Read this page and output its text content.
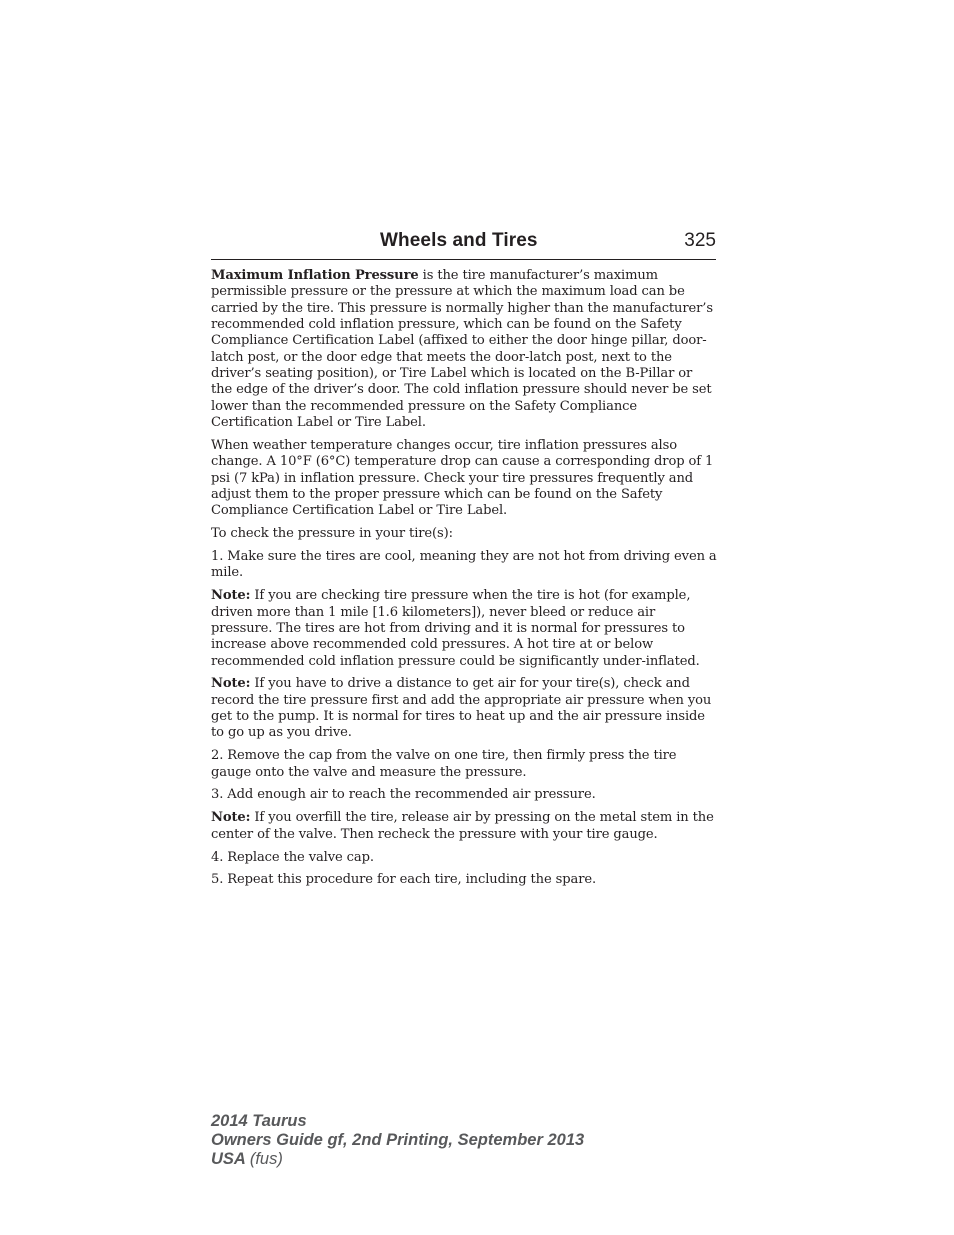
Wheels and Tires	325

Maximum Inflation Pressure is the tire manufacturer’s maximum permissible pressure or the pressure at which the maximum load can be carried by the tire. This pressure is normally higher than the manufacturer’s recommended cold inflation pressure, which can be found on the Safety Compliance Certification Label (affixed to either the door hinge pillar, door-latch post, or the door edge that meets the door-latch post, next to the driver’s seating position), or Tire Label which is located on the B-Pillar or the edge of the driver’s door. The cold inflation pressure should never be set lower than the recommended pressure on the Safety Compliance Certification Label or Tire Label.

When weather temperature changes occur, tire inflation pressures also change. A 10°F (6°C) temperature drop can cause a corresponding drop of 1 psi (7 kPa) in inflation pressure. Check your tire pressures frequently and adjust them to the proper pressure which can be found on the Safety Compliance Certification Label or Tire Label.

To check the pressure in your tire(s):

1. Make sure the tires are cool, meaning they are not hot from driving even a mile.

Note: If you are checking tire pressure when the tire is hot (for example, driven more than 1 mile [1.6 kilometers]), never bleed or reduce air pressure. The tires are hot from driving and it is normal for pressures to increase above recommended cold pressures. A hot tire at or below recommended cold inflation pressure could be significantly under-inflated.

Note: If you have to drive a distance to get air for your tire(s), check and record the tire pressure first and add the appropriate air pressure when you get to the pump. It is normal for tires to heat up and the air pressure inside to go up as you drive.

2. Remove the cap from the valve on one tire, then firmly press the tire gauge onto the valve and measure the pressure.

3. Add enough air to reach the recommended air pressure.

Note: If you overfill the tire, release air by pressing on the metal stem in the center of the valve. Then recheck the pressure with your tire gauge.

4. Replace the valve cap.

5. Repeat this procedure for each tire, including the spare.

2014 Taurus
Owners Guide gf, 2nd Printing, September 2013
USA (fus)
